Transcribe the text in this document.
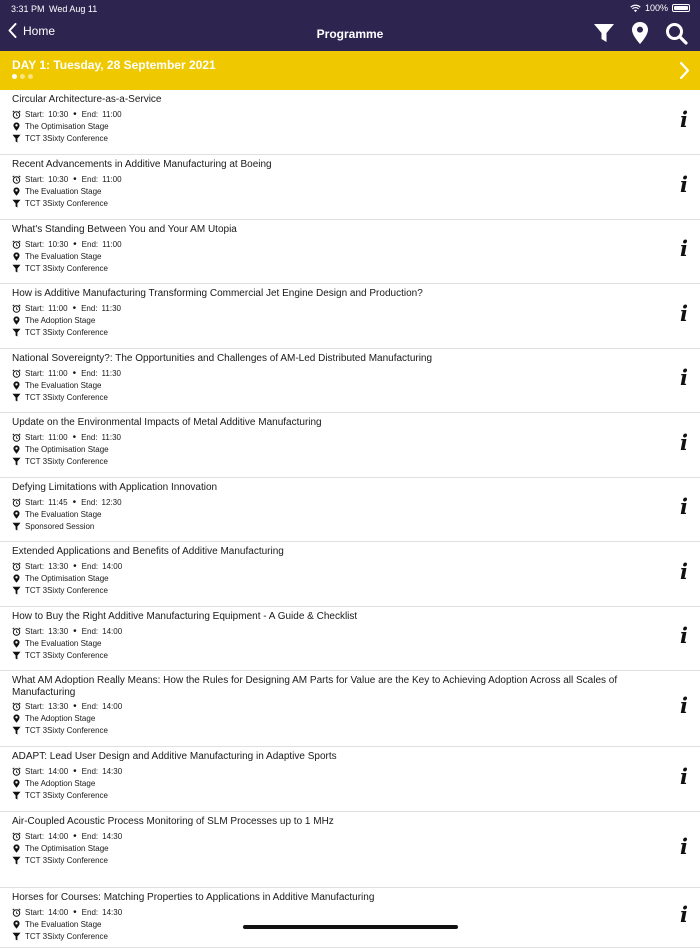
3:31 PM Wed Aug 11	100%
Home	Programme
DAY 1: Tuesday, 28 September 2021
Circular Architecture-as-a-Service
Start: 10:30 • End: 11:00
The Optimisation Stage
TCT 3Sixty Conference
i
Recent Advancements in Additive Manufacturing at Boeing
Start: 10:30 • End: 11:00
The Evaluation Stage
TCT 3Sixty Conference
i
What's Standing Between You and Your AM Utopia
Start: 10:30 • End: 11:00
The Evaluation Stage
TCT 3Sixty Conference
i
How is Additive Manufacturing Transforming Commercial Jet Engine Design and Production?
Start: 11:00 • End: 11:30
The Adoption Stage
TCT 3Sixty Conference
i
National Sovereignty?: The Opportunities and Challenges of AM-Led Distributed Manufacturing
Start: 11:00 • End: 11:30
The Evaluation Stage
TCT 3Sixty Conference
i
Update on the Environmental Impacts of Metal Additive Manufacturing
Start: 11:00 • End: 11:30
The Optimisation Stage
TCT 3Sixty Conference
i
Defying Limitations with Application Innovation
Start: 11:45 • End: 12:30
The Evaluation Stage
Sponsored Session
i
Extended Applications and Benefits of Additive Manufacturing
Start: 13:30 • End: 14:00
The Optimisation Stage
TCT 3Sixty Conference
i
How to Buy the Right Additive Manufacturing Equipment - A Guide & Checklist
Start: 13:30 • End: 14:00
The Evaluation Stage
TCT 3Sixty Conference
i
What AM Adoption Really Means: How the Rules for Designing AM Parts for Value are the Key to Achieving Adoption Across all Scales of Manufacturing
Start: 13:30 • End: 14:00
The Adoption Stage
TCT 3Sixty Conference
i
ADAPT: Lead User Design and Additive Manufacturing in Adaptive Sports
Start: 14:00 • End: 14:30
The Adoption Stage
TCT 3Sixty Conference
i
Air-Coupled Acoustic Process Monitoring of SLM Processes up to 1 MHz
Start: 14:00 • End: 14:30
The Optimisation Stage
TCT 3Sixty Conference
i
Horses for Courses: Matching Properties to Applications in Additive Manufacturing
Start: 14:00 • End: 14:30
The Evaluation Stage
TCT 3Sixty Conference
i
